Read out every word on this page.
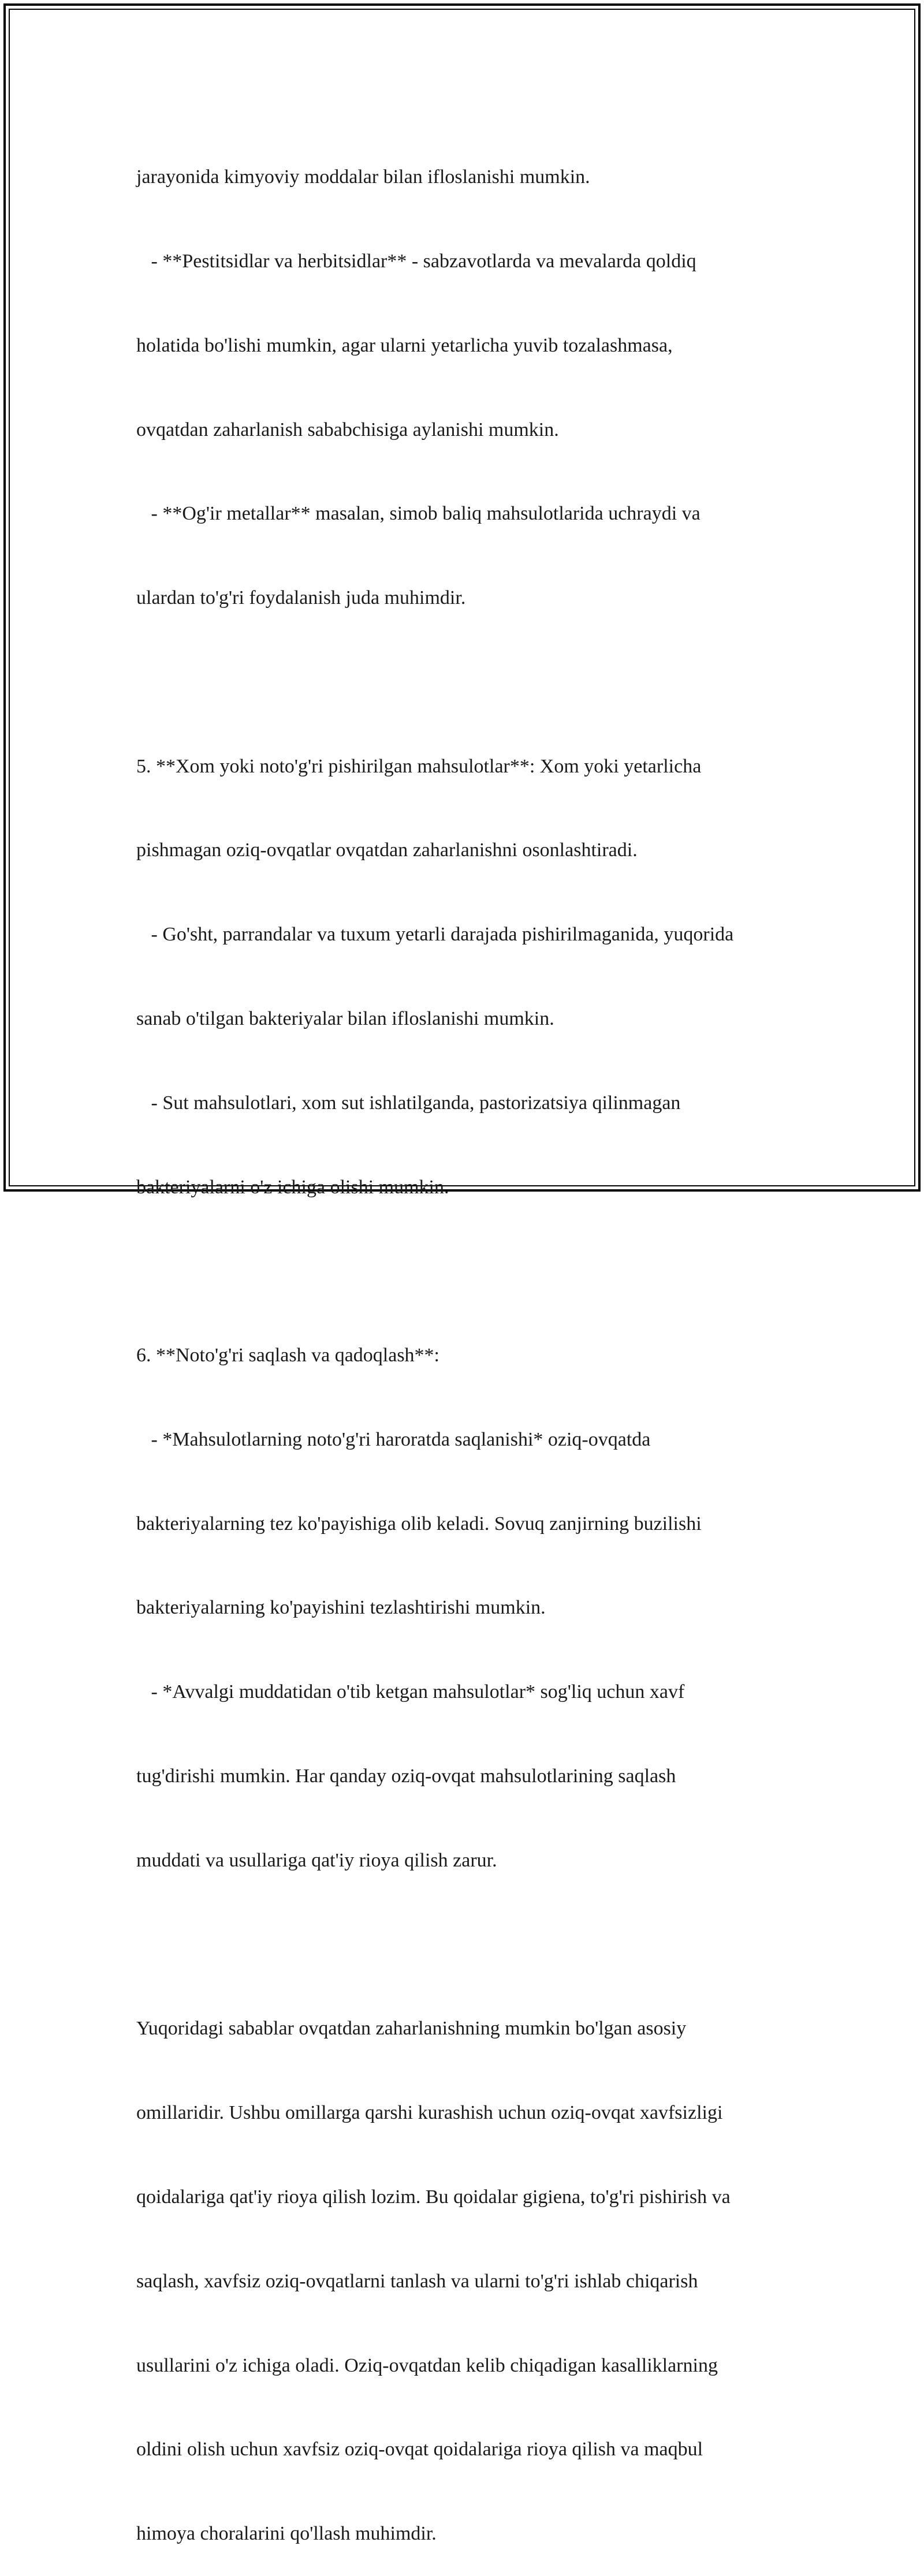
jarayonida kimyoviy moddalar bilan ifloslanishi mumkin.

- **Pestitsidlar va herbitsidlar** - sabzavotlarda va mevalarda qoldiq

holatida bo'lishi mumkin, agar ularni yetarlicha yuvib tozalashmasa,

ovqatdan zaharlanish sababchisiga aylanishi mumkin.

- **Og'ir metallar** masalan, simob baliq mahsulotlarida uchraydi va

ulardan to'g'ri foydalanish juda muhimdir.

5. **Xom yoki noto'g'ri pishirilgan mahsulotlar**: Xom yoki yetarlicha

pishmagan oziq-ovqatlar ovqatdan zaharlanishni osonlashtiradi.

- Go'sht, parrandalar va tuxum yetarli darajada pishirilmaganida, yuqorida

sanab o'tilgan bakteriyalar bilan ifloslanishi mumkin.

- Sut mahsulotlari, xom sut ishlatilganda, pastorizatsiya qilinmagan

bakteriyalarni o'z ichiga olishi mumkin.

6. **Noto'g'ri saqlash va qadoqlash**:

- *Mahsulotlarning noto'g'ri haroratda saqlanishi* oziq-ovqatda

bakteriyalarning tez ko'payishiga olib keladi. Sovuq zanjirning buzilishi

bakteriyalarning ko'payishini tezlashtirishi mumkin.

- *Avvalgi muddatidan o'tib ketgan mahsulotlar* sog'liq uchun xavf

tug'dirishi mumkin. Har qanday oziq-ovqat mahsulotlarining saqlash

muddati va usullariga qat'iy rioya qilish zarur.

Yuqoridagi sabablar ovqatdan zaharlanishning mumkin bo'lgan asosiy

omillaridir. Ushbu omillarga qarshi kurashish uchun oziq-ovqat xavfsizligi

qoidalariga qat'iy rioya qilish lozim. Bu qoidalar gigiena, to'g'ri pishirish va

saqlash, xavfsiz oziq-ovqatlarni tanlash va ularni to'g'ri ishlab chiqarish

usullarini o'z ichiga oladi. Oziq-ovqatdan kelib chiqadigan kasalliklarning

oldini olish uchun xavfsiz oziq-ovqat qoidalariga rioya qilish va maqbul

himoya choralarini qo'llash muhimdir.
